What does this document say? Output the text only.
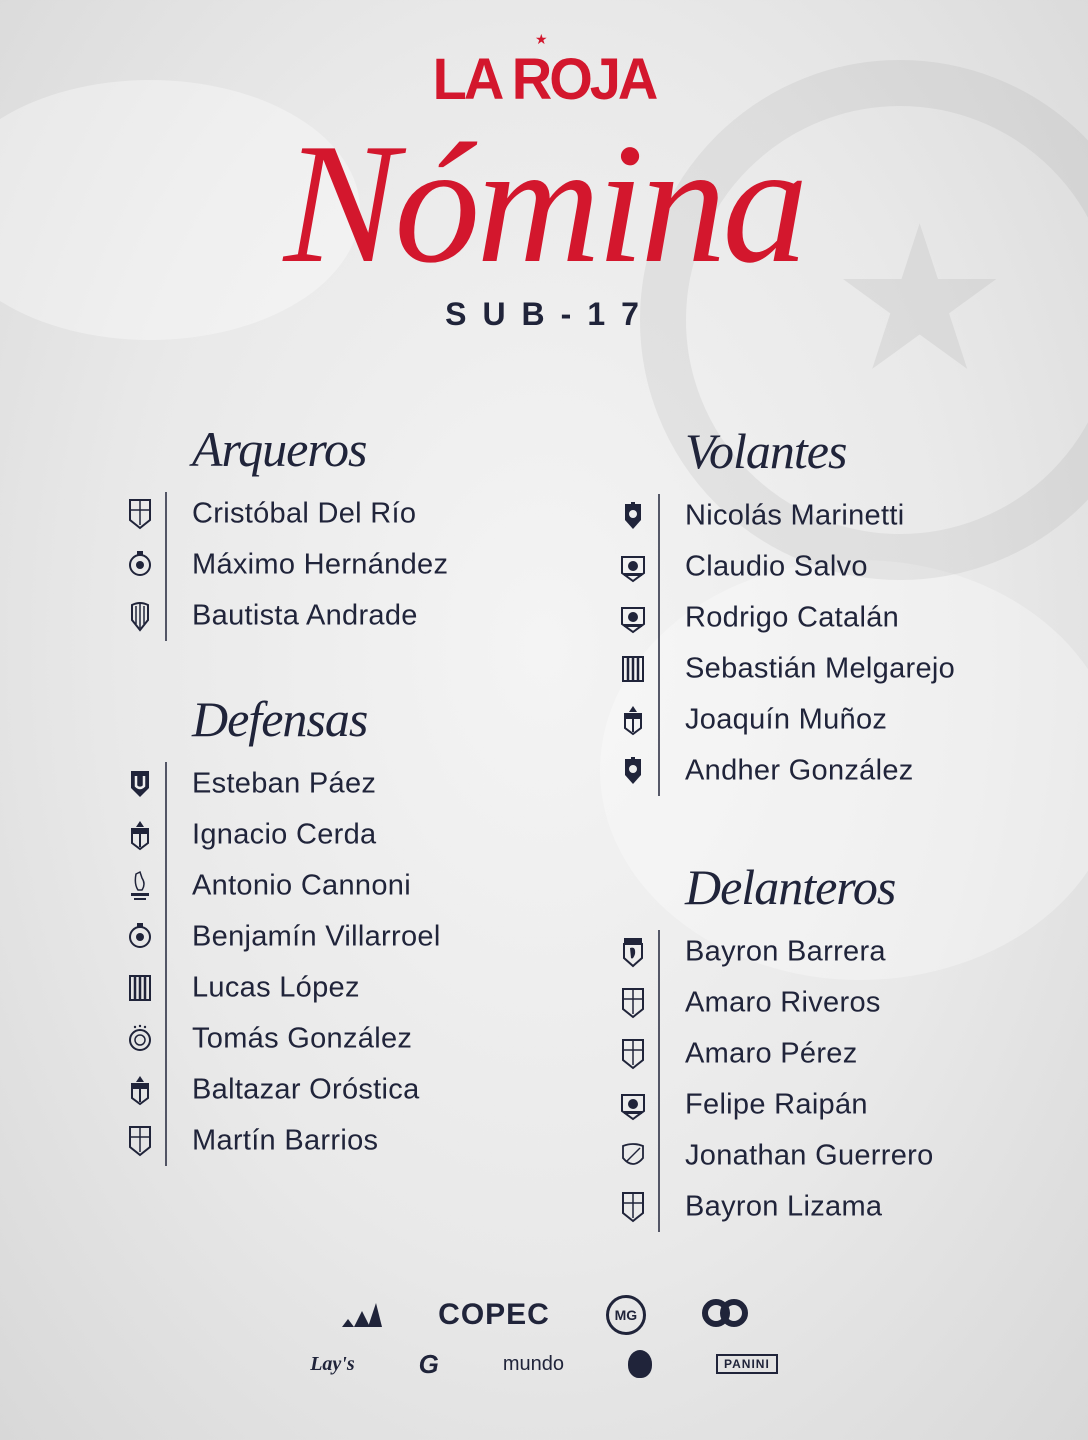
★
★
LA ROJA
Nómina
SUB-17
Arqueros
Cristóbal Del Río
Máximo Hernández
Bautista Andrade
Defensas
Esteban Páez
Ignacio Cerda
Antonio Cannoni
Benjamín Villarroel
Lucas López
Tomás González
Baltazar Oróstica
Martín Barrios
Volantes
Nicolás Marinetti
Claudio Salvo
Rodrigo Catalán
Sebastián Melgarejo
Joaquín Muñoz
Andher González
Delanteros
Bayron Barrera
Amaro Riveros
Amaro Pérez
Felipe Raipán
Jonathan Guerrero
Bayron Lizama
COPEC	MG
Lay's G	mundo	PANINI
